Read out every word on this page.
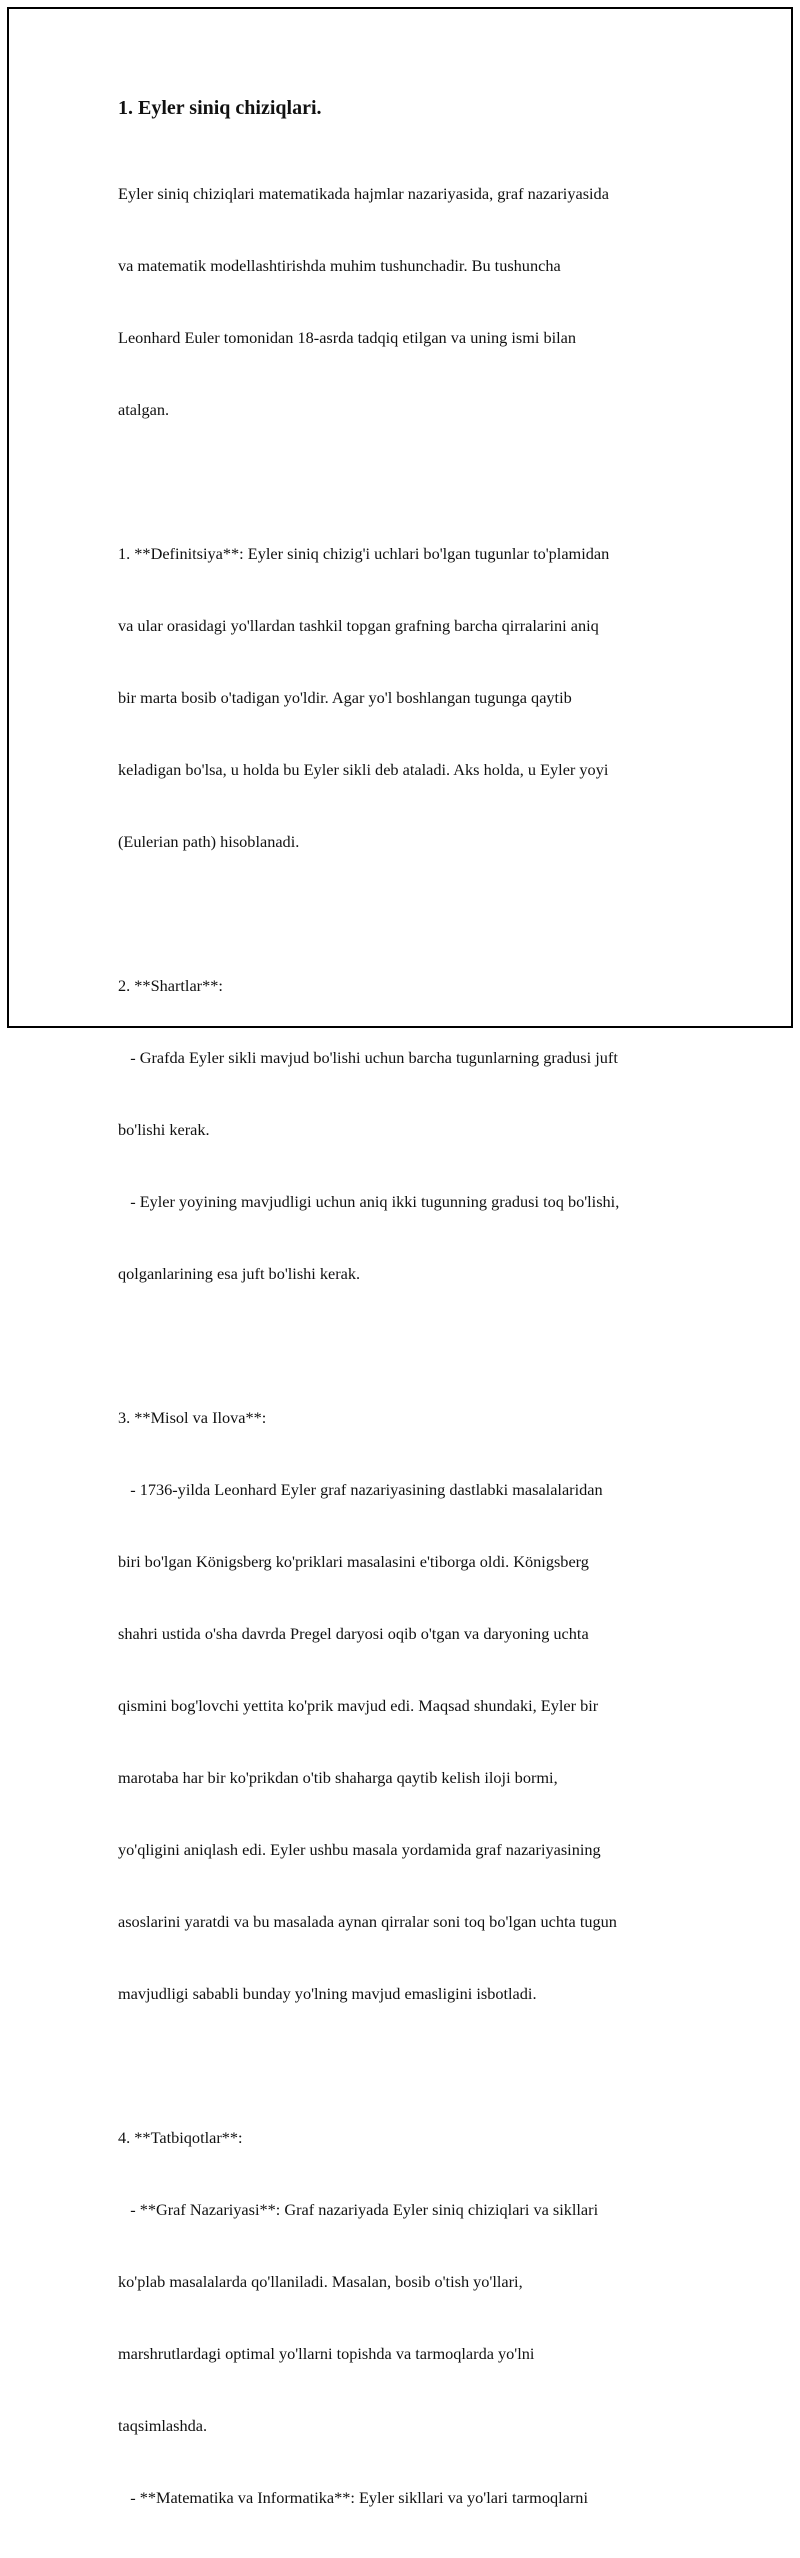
1. Eyler siniq chiziqlari.

Eyler siniq chiziqlari matematikada hajmlar nazariyasida, graf nazariyasida

va matematik modellashtirishda muhim tushunchadir. Bu tushuncha

Leonhard Euler tomonidan 18-asrda tadqiq etilgan va uning ismi bilan

atalgan.

1. **Definitsiya**: Eyler siniq chizig'i uchlari bo'lgan tugunlar to'plamidan

va ular orasidagi yo'llardan tashkil topgan grafning barcha qirralarini aniq

bir marta bosib o'tadigan yo'ldir. Agar yo'l boshlangan tugunga qaytib

keladigan bo'lsa, u holda bu Eyler sikli deb ataladi. Aks holda, u Eyler yoyi

(Eulerian path) hisoblanadi.

2. **Shartlar**:

- Grafda Eyler sikli mavjud bo'lishi uchun barcha tugunlarning gradusi juft

bo'lishi kerak.

- Eyler yoyining mavjudligi uchun aniq ikki tugunning gradusi toq bo'lishi,

qolganlarining esa juft bo'lishi kerak.

3. **Misol va Ilova**:

- 1736-yilda Leonhard Eyler graf nazariyasining dastlabki masalalaridan

biri bo'lgan Königsberg ko'priklari masalasini e'tiborga oldi. Königsberg

shahri ustida o'sha davrda Pregel daryosi oqib o'tgan va daryoning uchta

qismini bog'lovchi yettita ko'prik mavjud edi. Maqsad shundaki, Eyler bir

marotaba har bir ko'prikdan o'tib shaharga qaytib kelish iloji bormi,

yo'qligini aniqlash edi. Eyler ushbu masala yordamida graf nazariyasining

asoslarini yaratdi va bu masalada aynan qirralar soni toq bo'lgan uchta tugun

mavjudligi sababli bunday yo'lning mavjud emasligini isbotladi.

4. **Tatbiqotlar**:

- **Graf Nazariyasi**: Graf nazariyada Eyler siniq chiziqlari va sikllari

ko'plab masalalarda qo'llaniladi. Masalan, bosib o'tish yo'llari,

marshrutlardagi optimal yo'llarni topishda va tarmoqlarda yo'lni

taqsimlashda.

- **Matematika va Informatika**: Eyler sikllari va yo'lari tarmoqlarni
